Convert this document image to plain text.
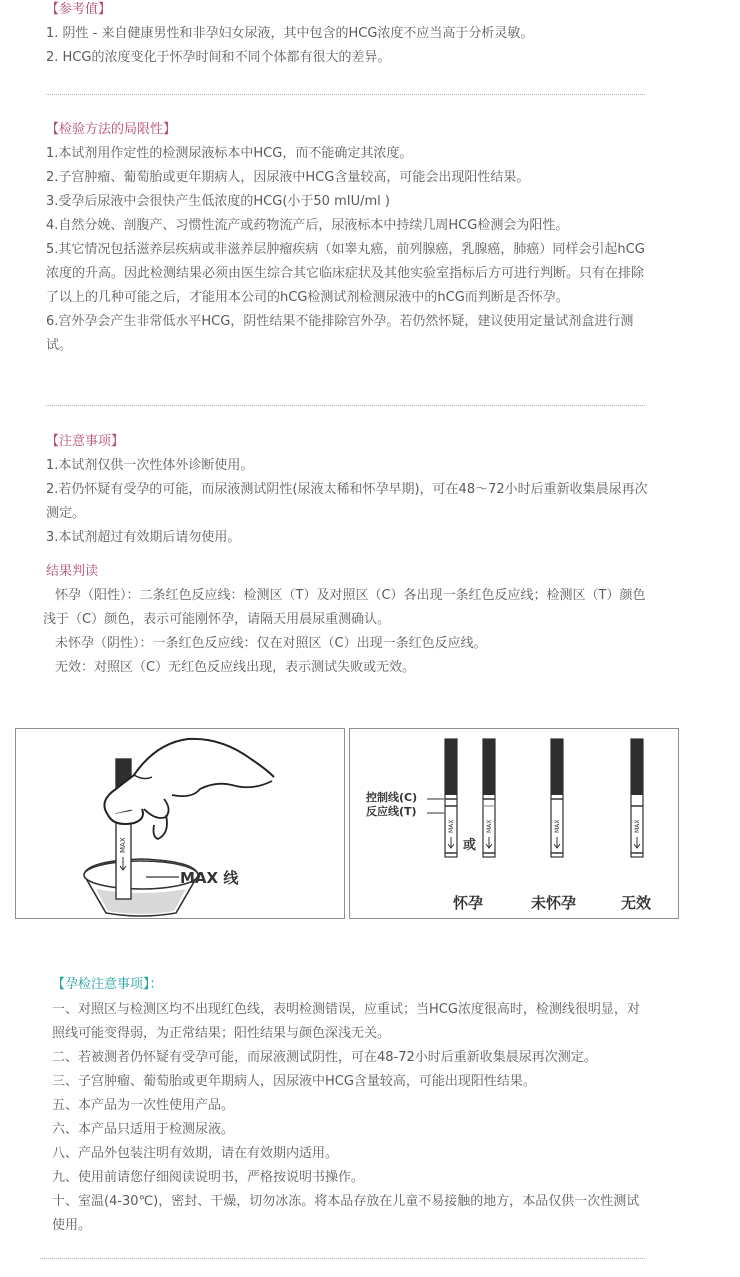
【参考值】

1. 阴性 - 来自健康男性和非孕妇女尿液，其中包含的HCG浓度不应当高于分析灵敏。

2. HCG的浓度变化于怀孕时间和不同个体都有很大的差异。

【检验方法的局限性】

1.本试剂用作定性的检测尿液标本中HCG，而不能确定其浓度。

2.子宫肿瘤、葡萄胎或更年期病人，因尿液中HCG含量较高，可能会出现阳性结果。

3.受孕后尿液中会很快产生低浓度的HCG(小于50 mIU/ml )

4.自然分娩、剖腹产、习惯性流产或药物流产后，尿液标本中持续几周HCG检测会为阳性。

5.其它情况包括滋养层疾病或非滋养层肿瘤疾病（如睾丸癌，前列腺癌，乳腺癌，肺癌）同样会引起hCG浓度的升高。因此检测结果必须由医生综合其它临床症状及其他实验室指标后方可进行判断。只有在排除了以上的几种可能之后，才能用本公司的hCG检测试剂检测尿液中的hCG而判断是否怀孕。

6.宫外孕会产生非常低水平HCG，阴性结果不能排除宫外孕。若仍然怀疑，建议使用定量试剂盒进行测试。

【注意事项】

1.本试剂仅供一次性体外诊断使用。

2.若仍怀疑有受孕的可能，而尿液测试阴性(尿液太稀和怀孕早期)，可在48～72小时后重新收集晨尿再次测定。

3.本试剂超过有效期后请勿使用。

结果判读

怀孕（阳性）：二条红色反应线：检测区（T）及对照区（C）各出现一条红色反应线；检测区（T）颜色浅于（C）颜色，表示可能刚怀孕，请隔天用晨尿重测确认。

未怀孕（阴性）：一条红色反应线：仅在对照区（C）出现一条红色反应线。

无效：对照区（C）无红色反应线出现，表示测试失败或无效。

MAX
MAX 线
控制线(C)
反应线(T)
MAX
或
MAX	MAX	MAX
怀孕	未怀孕	无效
【孕检注意事项】：

一、对照区与检测区均不出现红色线，表明检测错误，应重试；当HCG浓度很高时，检测线很明显，对照线可能变得弱，为正常结果；阳性结果与颜色深浅无关。

二、若被测者仍怀疑有受孕可能，而尿液测试阴性，可在48-72小时后重新收集晨尿再次测定。

三、子宫肿瘤、葡萄胎或更年期病人，因尿液中HCG含量较高，可能出现阳性结果。

五、本产品为一次性使用产品。

六、本产品只适用于检测尿液。

八、产品外包装注明有效期，请在有效期内适用。

九、使用前请您仔细阅读说明书，严格按说明书操作。

十、室温(4-30℃)，密封、干燥，切勿冰冻。将本品存放在儿童不易接触的地方，本品仅供一次性测试使用。
